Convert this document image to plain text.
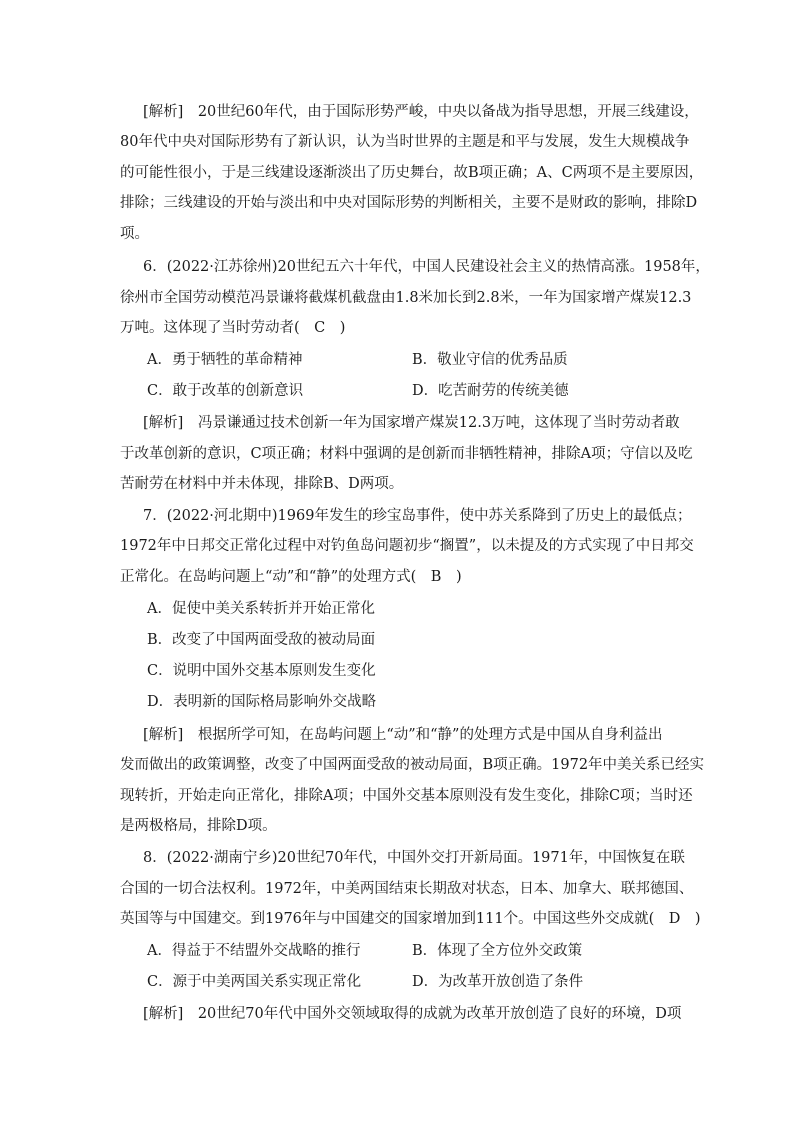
[解析]　20世纪60年代，由于国际形势严峻，中央以备战为指导思想，开展三线建设，
80年代中央对国际形势有了新认识，认为当时世界的主题是和平与发展，发生大规模战争
的可能性很小，于是三线建设逐渐淡出了历史舞台，故B项正确；A、C两项不是主要原因，
排除；三线建设的开始与淡出和中央对国际形势的判断相关，主要不是财政的影响，排除D
项。
6．(2022·江苏徐州)20世纪五六十年代，中国人民建设社会主义的热情高涨。1958年，
徐州市全国劳动模范冯景谦将截煤机截盘由1.8米加长到2.8米，一年为国家增产煤炭12.3
万吨。这体现了当时劳动者(　C　)
A．勇于牺牲的革命精神	B．敬业守信的优秀品质
C．敢于改革的创新意识	D．吃苦耐劳的传统美德
[解析]　冯景谦通过技术创新一年为国家增产煤炭12.3万吨，这体现了当时劳动者敢
于改革创新的意识，C项正确；材料中强调的是创新而非牺牲精神，排除A项；守信以及吃
苦耐劳在材料中并未体现，排除B、D两项。
7．(2022·河北期中)1969年发生的珍宝岛事件，使中苏关系降到了历史上的最低点；
1972年中日邦交正常化过程中对钓鱼岛问题初步“搁置”，以未提及的方式实现了中日邦交
正常化。在岛屿问题上“动”和“静”的处理方式(　B　)
A．促使中美关系转折并开始正常化
B．改变了中国两面受敌的被动局面
C．说明中国外交基本原则发生变化
D．表明新的国际格局影响外交战略
[解析]　根据所学可知，在岛屿问题上“动”和“静”的处理方式是中国从自身利益出
发而做出的政策调整，改变了中国两面受敌的被动局面，B项正确。1972年中美关系已经实
现转折，开始走向正常化，排除A项；中国外交基本原则没有发生变化，排除C项；当时还
是两极格局，排除D项。
8．(2022·湖南宁乡)20世纪70年代，中国外交打开新局面。1971年，中国恢复在联
合国的一切合法权利。1972年，中美两国结束长期敌对状态，日本、加拿大、联邦德国、
英国等与中国建交。到1976年与中国建交的国家增加到111个。中国这些外交成就(　D　)
A．得益于不结盟外交战略的推行	B．体现了全方位外交政策
C．源于中美两国关系实现正常化	D．为改革开放创造了条件
[解析]　20世纪70年代中国外交领域取得的成就为改革开放创造了良好的环境，D项
